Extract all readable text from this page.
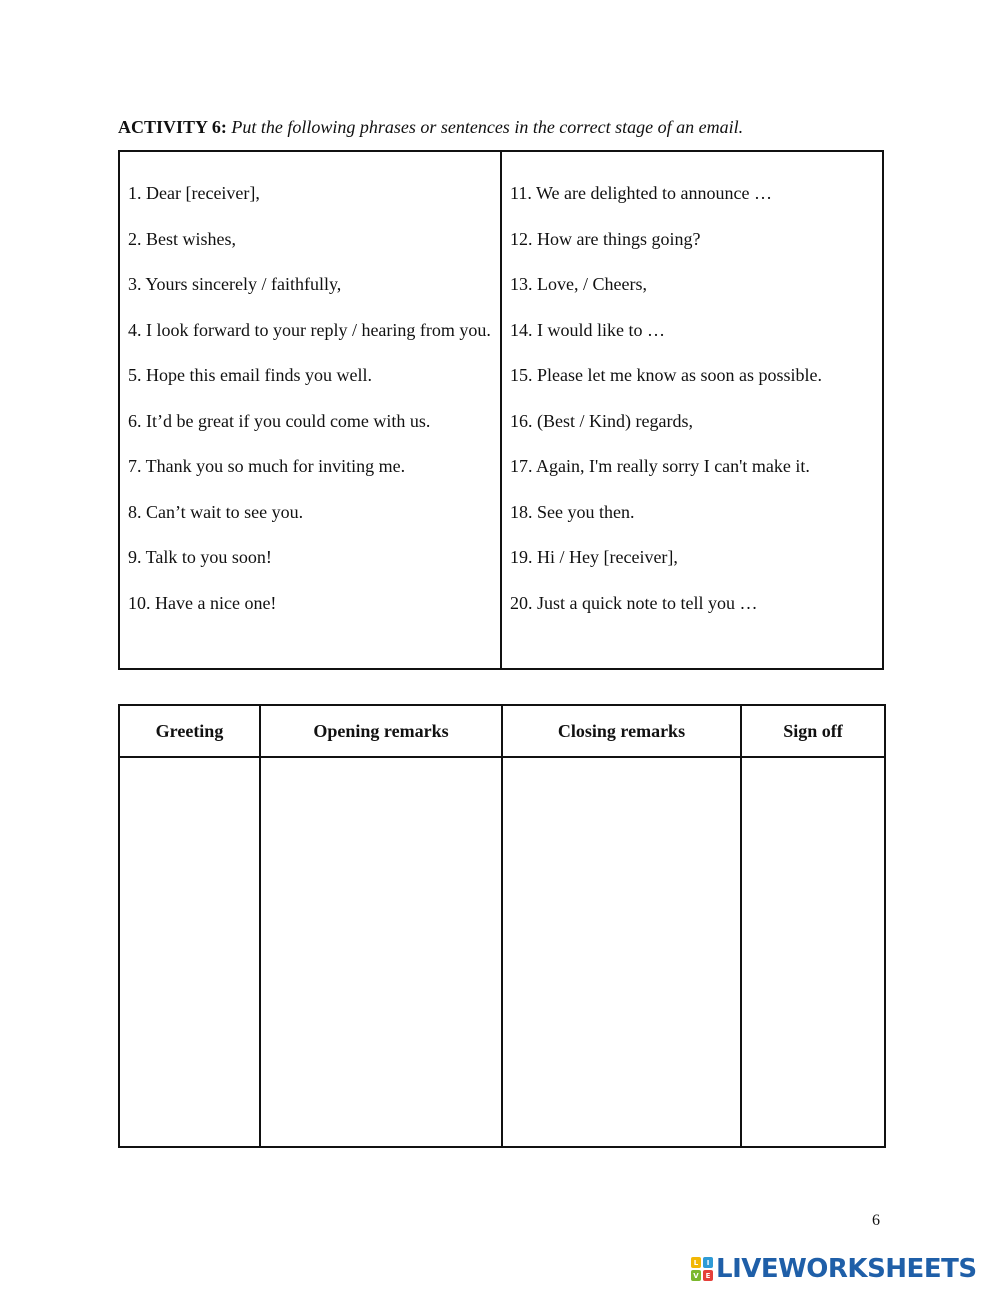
ACTIVITY 6: Put the following phrases or sentences in the correct stage of an email.

1. Dear [receiver],

2. Best wishes,

3. Yours sincerely / faithfully,

4. I look forward to your reply / hearing from you.

5. Hope this email finds you well.

6. It’d be great if you could come with us.

7. Thank you so much for inviting me.

8. Can’t wait to see you.

9. Talk to you soon!

10. Have a nice one!

11. We are delighted to announce …

12. How are things going?

13. Love, / Cheers,

14. I would like to …

15. Please let me know as soon as possible.

16. (Best / Kind) regards,

17. Again, I'm really sorry I can't make it.

18. See you then.

19. Hi / Hey [receiver],

20. Just a quick note to tell you …

Greeting	Opening remarks	Closing remarks	Sign off

6
L	I
V E LIVEWORKSHEETS
